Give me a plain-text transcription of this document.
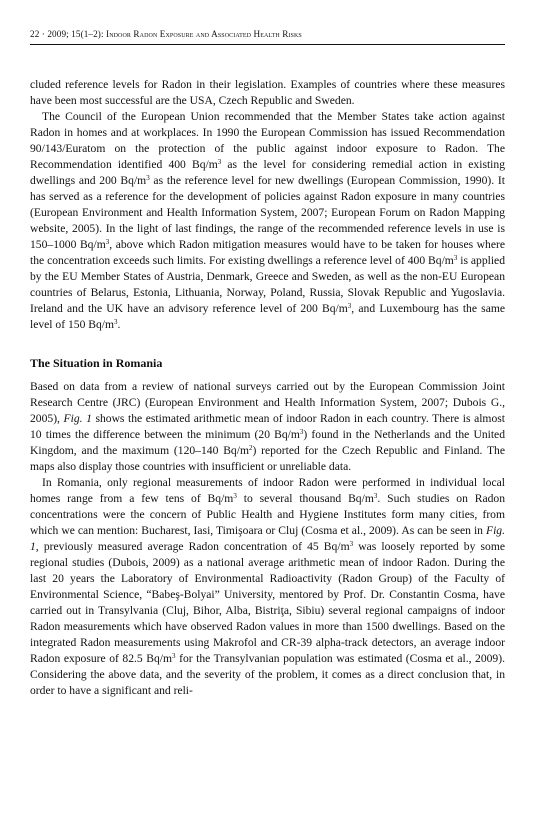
22 · 2009; 15(1–2): Indoor Radon Exposure and Associated Health Risks

cluded reference levels for Radon in their legislation. Examples of countries where these measures have been most successful are the USA, Czech Republic and Sweden.

The Council of the European Union recommended that the Member States take action against Radon in homes and at workplaces. In 1990 the European Commission has issued Recommendation 90/143/Euratom on the protection of the public against indoor exposure to Radon. The Recommendation identified 400 $Bq/m^3$ as the level for considering remedial action in existing dwellings and 200 $Bq/m^3$ as the reference level for new dwellings (European Commission, 1990). It has served as a reference for the development of policies against Radon exposure in many countries (European Environment and Health Information System, 2007; European Forum on Radon Mapping website, 2005). In the light of last findings, the range of the recommended reference levels in use is 150–1000 $Bq/m^3$, above which Radon mitigation measures would have to be taken for houses where the concentration exceeds such limits. For existing dwellings a reference level of 400 $Bq/m^3$ is applied by the EU Member States of Austria, Denmark, Greece and Sweden, as well as the non-EU European countries of Belarus, Estonia, Lithuania, Norway, Poland, Russia, Slovak Republic and Yugoslavia. Ireland and the UK have an advisory reference level of 200 $Bq/m^3$, and Luxembourg has the same level of 150 $Bq/m^3$.

The Situation in Romania

Based on data from a review of national surveys carried out by the European Commission Joint Research Centre (JRC) (European Environment and Health Information System, 2007; Dubois G., 2005), Fig. 1 shows the estimated arithmetic mean of indoor Radon in each country. There is almost 10 times the difference between the minimum (20 $Bq/m^3$) found in the Netherlands and the United Kingdom, and the maximum (120–140 $Bq/m^2$) reported for the Czech Republic and Finland. The maps also display those countries with insufficient or unreliable data.

In Romania, only regional measurements of indoor Radon were performed in individual local homes range from a few tens of $Bq/m^3$ to several thousand $Bq/m^3$. Such studies on Radon concentrations were the concern of Public Health and Hygiene Institutes form many cities, from which we can mention: Bucharest, Iasi, Timişoara or Cluj (Cosma et al., 2009). As can be seen in Fig. 1, previously measured average Radon concentration of 45 $Bq/m^3$ was loosely reported by some regional studies (Dubois, 2009) as a national average arithmetic mean of indoor Radon. During the last 20 years the Laboratory of Environmental Radioactivity (Radon Group) of the Faculty of Environmental Science, “Babeş-Bolyai” University, mentored by Prof. Dr. Constantin Cosma, have carried out in Transylvania (Cluj, Bihor, Alba, Bistriţa, Sibiu) several regional campaigns of indoor Radon measurements which have observed Radon values in more than 1500 dwellings. Based on the integrated Radon measurements using Makrofol and CR-39 alpha-track detectors, an average indoor Radon exposure of 82.5 $Bq/m^3$ for the Transylvanian population was estimated (Cosma et al., 2009). Considering the above data, and the severity of the problem, it comes as a direct conclusion that, in order to have a significant and reli-
